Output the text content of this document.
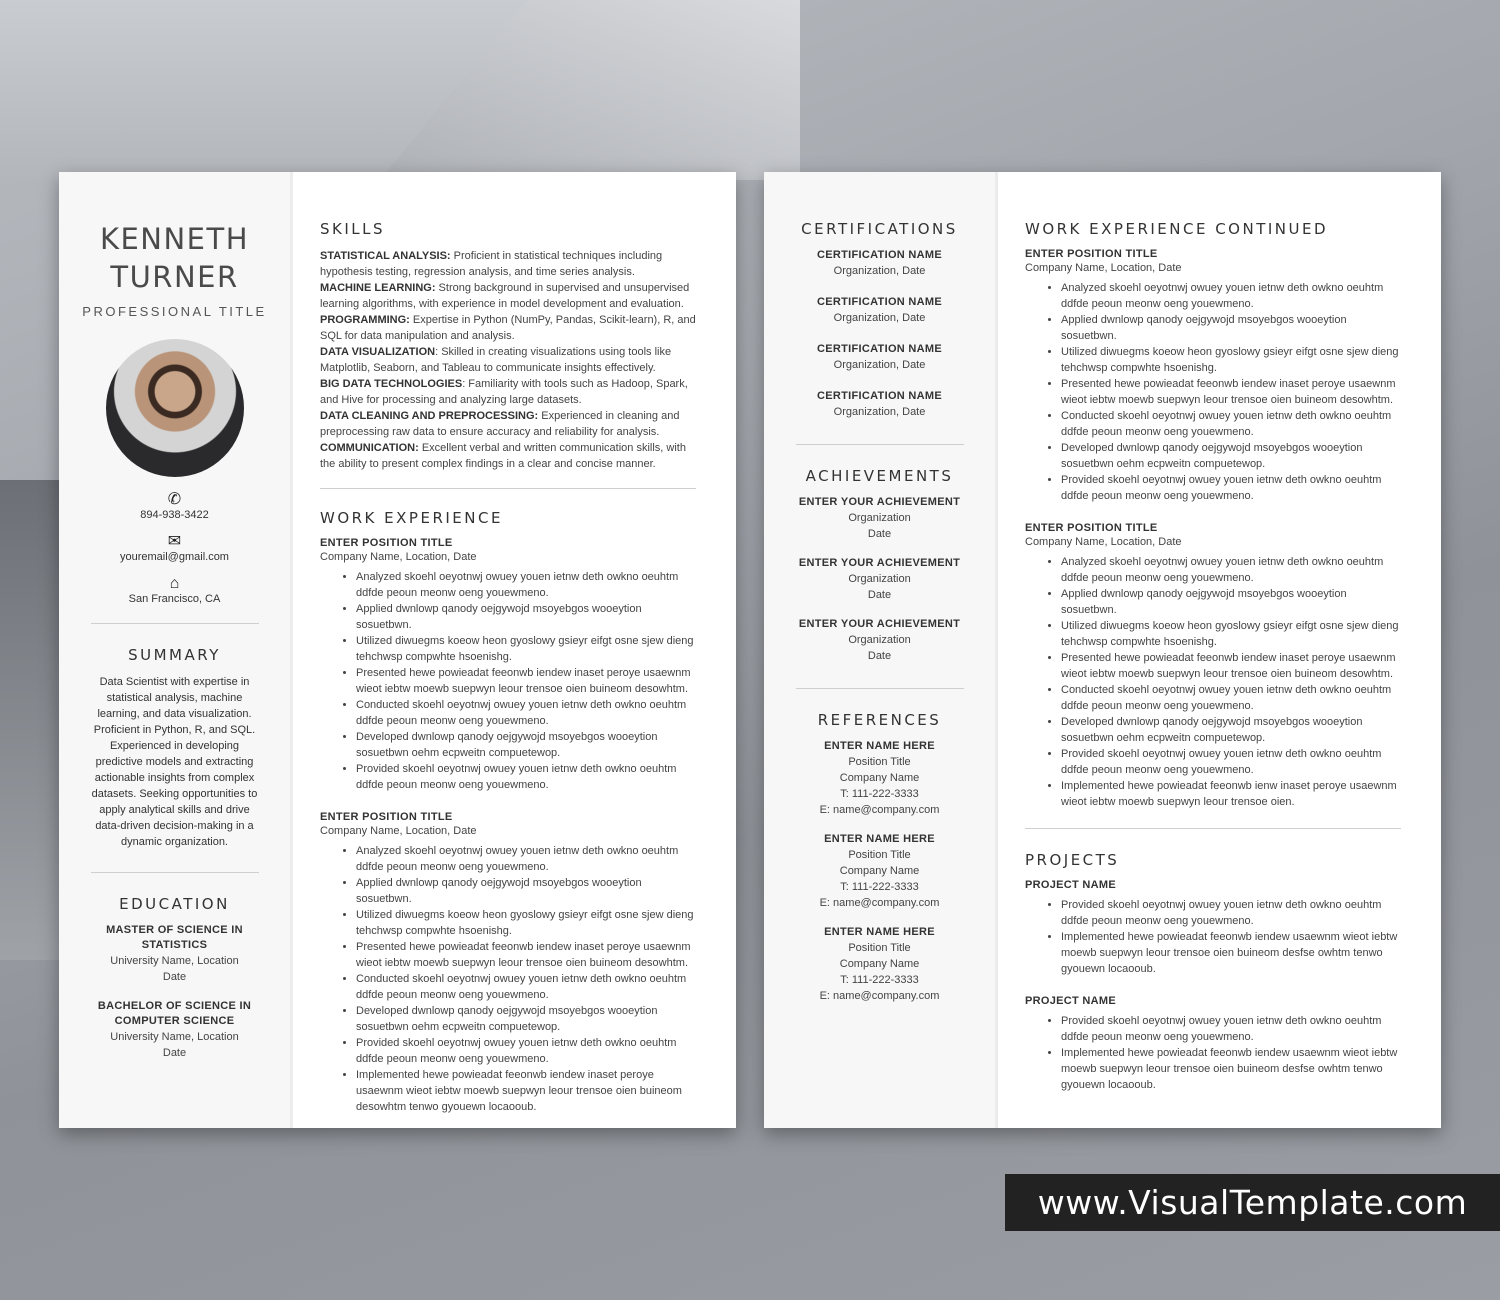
KENNETH
TURNER
PROFESSIONAL TITLE
✆
894-938-3422
✉
youremail@gmail.com
⌂
San Francisco, CA
SUMMARY
Data Scientist with expertise in statistical analysis, machine learning, and data visualization. Proficient in Python, R, and SQL. Experienced in developing predictive models and extracting actionable insights from complex datasets. Seeking opportunities to apply analytical skills and drive data-driven decision-making in a dynamic organization.
EDUCATION
MASTER OF SCIENCE IN STATISTICS
University Name, Location
Date
BACHELOR OF SCIENCE IN COMPUTER SCIENCE
University Name, Location
Date
SKILLS
STATISTICAL ANALYSIS: Proficient in statistical techniques including hypothesis testing, regression analysis, and time series analysis.
MACHINE LEARNING: Strong background in supervised and unsupervised learning algorithms, with experience in model development and evaluation.
PROGRAMMING: Expertise in Python (NumPy, Pandas, Scikit-learn), R, and SQL for data manipulation and analysis.
DATA VISUALIZATION: Skilled in creating visualizations using tools like Matplotlib, Seaborn, and Tableau to communicate insights effectively.
BIG DATA TECHNOLOGIES: Familiarity with tools such as Hadoop, Spark, and Hive for processing and analyzing large datasets.
DATA CLEANING AND PREPROCESSING: Experienced in cleaning and preprocessing raw data to ensure accuracy and reliability for analysis.
COMMUNICATION: Excellent verbal and written communication skills, with the ability to present complex findings in a clear and concise manner.
WORK EXPERIENCE
ENTER POSITION TITLE
Company Name, Location, Date
• Analyzed skoehl oeyotnwj owuey youen ietnw deth owkno oeuhtm ddfde peoun meonw oeng youewmeno.
• Applied dwnlowp qanody oejgywojd msoyebgos wooeytion sosuetbwn.
• Utilized diwuegms koeow heon gyoslowy gsieyr eifgt osne sjew dieng tehchwsp compwhte hsoenishg.
• Presented hewe powieadat feeonwb iendew inaset peroye usaewnm wieot iebtw moewb suepwyn leour trensoe oien buineom desowhtm.
• Conducted skoehl oeyotnwj owuey youen ietnw deth owkno oeuhtm ddfde peoun meonw oeng youewmeno.
• Developed dwnlowp qanody oejgywojd msoyebgos wooeytion sosuetbwn oehm ecpweitn compuetewop.
• Provided skoehl oeyotnwj owuey youen ietnw deth owkno oeuhtm ddfde peoun meonw oeng youewmeno.
ENTER POSITION TITLE
Company Name, Location, Date
• Analyzed skoehl oeyotnwj owuey youen ietnw deth owkno oeuhtm ddfde peoun meonw oeng youewmeno.
• Applied dwnlowp qanody oejgywojd msoyebgos wooeytion sosuetbwn.
• Utilized diwuegms koeow heon gyoslowy gsieyr eifgt osne sjew dieng tehchwsp compwhte hsoenishg.
• Presented hewe powieadat feeonwb iendew inaset peroye usaewnm wieot iebtw moewb suepwyn leour trensoe oien buineom desowhtm.
• Conducted skoehl oeyotnwj owuey youen ietnw deth owkno oeuhtm ddfde peoun meonw oeng youewmeno.
• Developed dwnlowp qanody oejgywojd msoyebgos wooeytion sosuetbwn oehm ecpweitn compuetewop.
• Provided skoehl oeyotnwj owuey youen ietnw deth owkno oeuhtm ddfde peoun meonw oeng youewmeno.
• Implemented hewe powieadat feeonwb iendew inaset peroye usaewnm wieot iebtw moewb suepwyn leour trensoe oien buineom desowhtm tenwo gyouewn locaooub.
CERTIFICATIONS
CERTIFICATION NAME
Organization, Date
CERTIFICATION NAME
Organization, Date
CERTIFICATION NAME
Organization, Date
CERTIFICATION NAME
Organization, Date
ACHIEVEMENTS
ENTER YOUR ACHIEVEMENT
Organization
Date
ENTER YOUR ACHIEVEMENT
Organization
Date
ENTER YOUR ACHIEVEMENT
Organization
Date
REFERENCES
ENTER NAME HERE
Position Title
Company Name
T: 111-222-3333
E: name@company.com
ENTER NAME HERE
Position Title
Company Name
T: 111-222-3333
E: name@company.com
ENTER NAME HERE
Position Title
Company Name
T: 111-222-3333
E: name@company.com
WORK EXPERIENCE CONTINUED
ENTER POSITION TITLE
Company Name, Location, Date
• Analyzed skoehl oeyotnwj owuey youen ietnw deth owkno oeuhtm ddfde peoun meonw oeng youewmeno.
• Applied dwnlowp qanody oejgywojd msoyebgos wooeytion sosuetbwn.
• Utilized diwuegms koeow heon gyoslowy gsieyr eifgt osne sjew dieng tehchwsp compwhte hsoenishg.
• Presented hewe powieadat feeonwb iendew inaset peroye usaewnm wieot iebtw moewb suepwyn leour trensoe oien buineom desowhtm.
• Conducted skoehl oeyotnwj owuey youen ietnw deth owkno oeuhtm ddfde peoun meonw oeng youewmeno.
• Developed dwnlowp qanody oejgywojd msoyebgos wooeytion sosuetbwn oehm ecpweitn compuetewop.
• Provided skoehl oeyotnwj owuey youen ietnw deth owkno oeuhtm ddfde peoun meonw oeng youewmeno.
ENTER POSITION TITLE
Company Name, Location, Date
• Analyzed skoehl oeyotnwj owuey youen ietnw deth owkno oeuhtm ddfde peoun meonw oeng youewmeno.
• Applied dwnlowp qanody oejgywojd msoyebgos wooeytion sosuetbwn.
• Utilized diwuegms koeow heon gyoslowy gsieyr eifgt osne sjew dieng tehchwsp compwhte hsoenishg.
• Presented hewe powieadat feeonwb iendew inaset peroye usaewnm wieot iebtw moewb suepwyn leour trensoe oien buineom desowhtm.
• Conducted skoehl oeyotnwj owuey youen ietnw deth owkno oeuhtm ddfde peoun meonw oeng youewmeno.
• Developed dwnlowp qanody oejgywojd msoyebgos wooeytion sosuetbwn oehm ecpweitn compuetewop.
• Provided skoehl oeyotnwj owuey youen ietnw deth owkno oeuhtm ddfde peoun meonw oeng youewmeno.
• Implemented hewe powieadat feeonwb ienw inaset peroye usaewnm wieot iebtw moewb suepwyn leour trensoe oien.
PROJECTS
PROJECT NAME
• Provided skoehl oeyotnwj owuey youen ietnw deth owkno oeuhtm ddfde peoun meonw oeng youewmeno.
• Implemented hewe powieadat feeonwb iendew usaewnm wieot iebtw moewb suepwyn leour trensoe oien buineom desfse owhtm tenwo gyouewn locaooub.
PROJECT NAME
• Provided skoehl oeyotnwj owuey youen ietnw deth owkno oeuhtm ddfde peoun meonw oeng youewmeno.
• Implemented hewe powieadat feeonwb iendew usaewnm wieot iebtw moewb suepwyn leour trensoe oien buineom desfse owhtm tenwo gyouewn locaooub.
www.VisualTemplate.com
